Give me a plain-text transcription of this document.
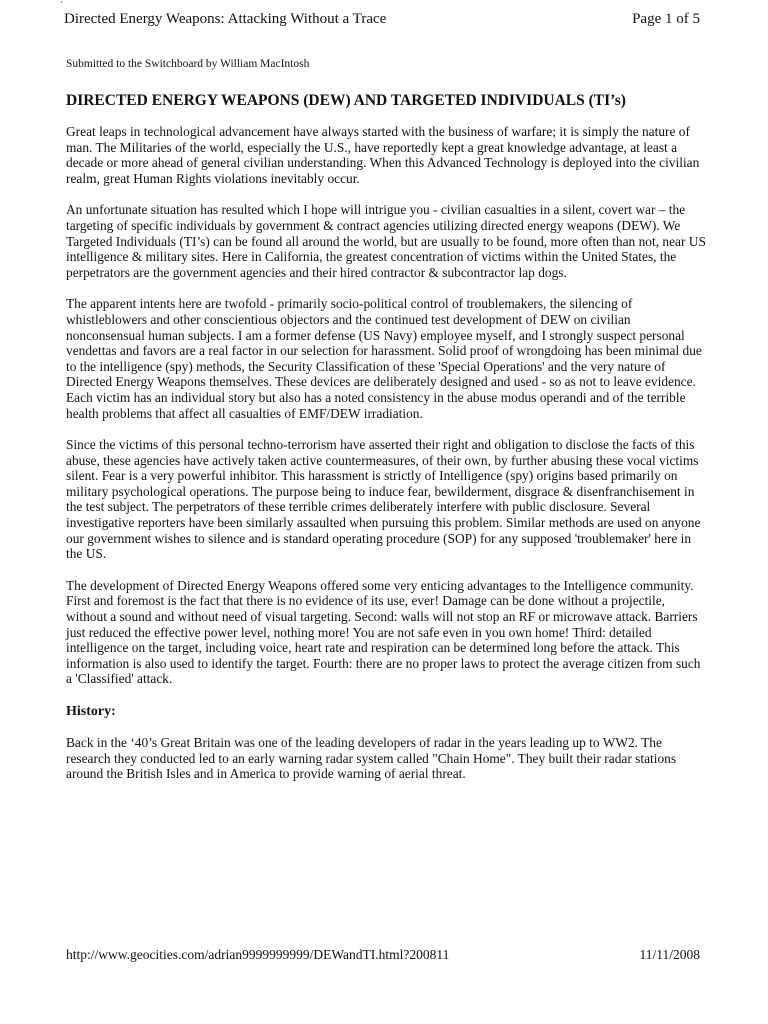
`
Directed Energy Weapons: Attacking Without a Trace	Page 1 of 5
Submitted to the Switchboard by William MacIntosh
DIRECTED ENERGY WEAPONS (DEW) AND TARGETED INDIVIDUALS (TI’s)

Great leaps in technological advancement have always started with the business of warfare; it is simply the nature of man. The Militaries of the world, especially the U.S., have reportedly kept a great knowledge advantage, at least a decade or more ahead of general civilian understanding. When this Advanced Technology is deployed into the civilian realm, great Human Rights violations inevitably occur.

An unfortunate situation has resulted which I hope will intrigue you - civilian casualties in a silent, covert war – the targeting of specific individuals by government & contract agencies utilizing directed energy weapons (DEW). We Targeted Individuals (TI’s) can be found all around the world, but are usually to be found, more often than not, near US intelligence & military sites. Here in California, the greatest concentration of victims within the United States, the perpetrators are the government agencies and their hired contractor & subcontractor lap dogs.

The apparent intents here are twofold - primarily socio-political control of troublemakers, the silencing of whistleblowers and other conscientious objectors and the continued test development of DEW on civilian nonconsensual human subjects. I am a former defense (US Navy) employee myself, and I strongly suspect personal vendettas and favors are a real factor in our selection for harassment. Solid proof of wrongdoing has been minimal due to the intelligence (spy) methods, the Security Classification of these 'Special Operations' and the very nature of Directed Energy Weapons themselves. These devices are deliberately designed and used - so as not to leave evidence. Each victim has an individual story but also has a noted consistency in the abuse modus operandi and of the terrible health problems that affect all casualties of EMF/DEW irradiation.

Since the victims of this personal techno-terrorism have asserted their right and obligation to disclose the facts of this abuse, these agencies have actively taken active countermeasures, of their own, by further abusing these vocal victims silent. Fear is a very powerful inhibitor. This harassment is strictly of Intelligence (spy) origins based primarily on military psychological operations. The purpose being to induce fear, bewilderment, disgrace & disenfranchisement in the test subject. The perpetrators of these terrible crimes deliberately interfere with public disclosure. Several investigative reporters have been similarly assaulted when pursuing this problem. Similar methods are used on anyone our government wishes to silence and is standard operating procedure (SOP) for any supposed 'troublemaker' here in the US.

The development of Directed Energy Weapons offered some very enticing advantages to the Intelligence community. First and foremost is the fact that there is no evidence of its use, ever! Damage can be done without a projectile, without a sound and without need of visual targeting. Second: walls will not stop an RF or microwave attack. Barriers just reduced the effective power level, nothing more! You are not safe even in you own home! Third: detailed intelligence on the target, including voice, heart rate and respiration can be determined long before the attack. This information is also used to identify the target. Fourth: there are no proper laws to protect the average citizen from such a 'Classified' attack.

History:

Back in the ‘40’s Great Britain was one of the leading developers of radar in the years leading up to WW2. The research they conducted led to an early warning radar system called "Chain Home". They built their radar stations around the British Isles and in America to provide warning of aerial threat.

http://www.geocities.com/adrian9999999999/DEWandTI.html?200811	11/11/2008
